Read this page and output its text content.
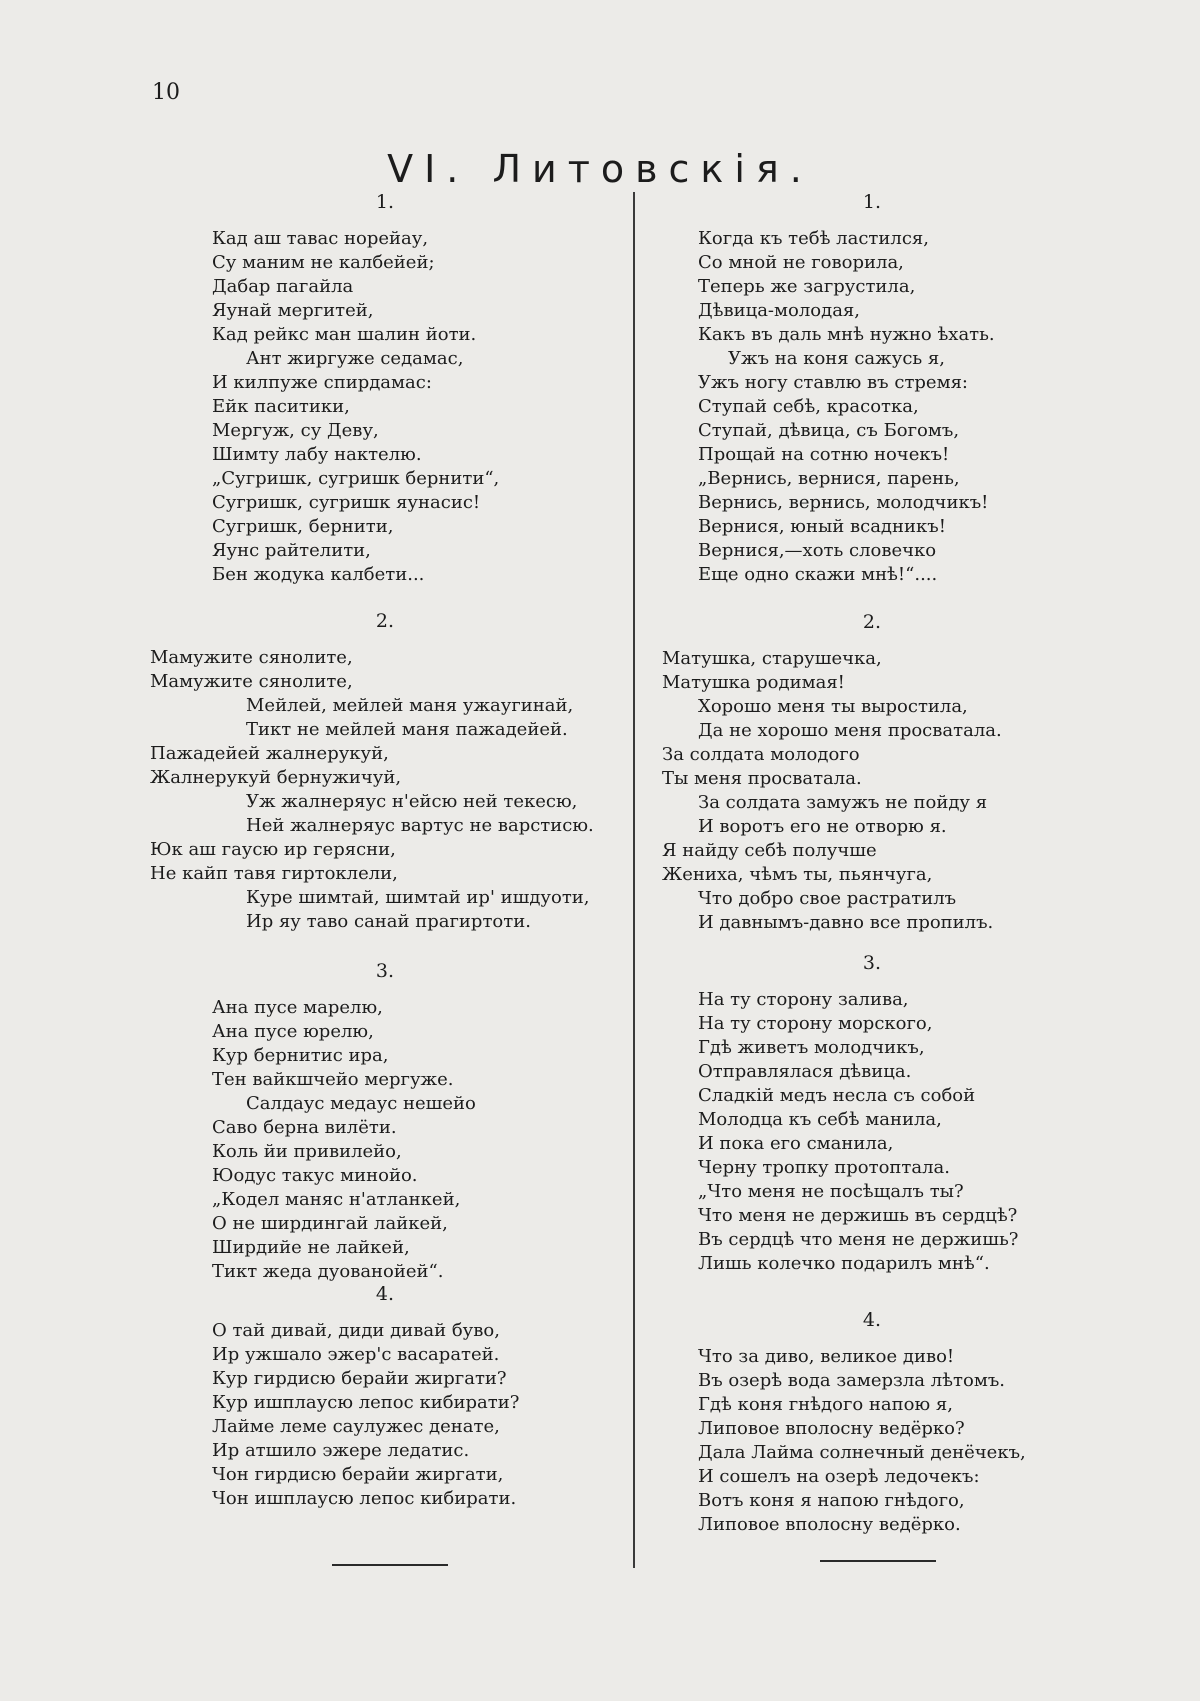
10
VI. Литовскія.
1.
Кад аш тавас норейау,
Су маним не калбейей;
Дабар пагайла
Яунай мергитей,
Кад рейкс ман шалин йоти.
Ант жиргуже седамас,
И килпуже спирдамас:
Ейк паситики,
Мергуж, су Деву,
Шимту лабу нактелю.
„Сугришк, сугришк бернити“,
Сугришк, сугришк яунасис!
Сугришк, бернити,
Яунс райтелити,
Бен жодука калбети...
2.
Мамужите сянолите,
Мамужите сянолите,
Мейлей, мейлей маня ужаугинай,
Тикт не мейлей маня пажадейей.
Пажадейей жалнерукуй,
Жалнерукуй бернужичуй,
Уж жалнеряус н'ейсю ней текесю,
Ней жалнеряус вартус не варстисю.
Юк аш гаусю ир герясни,
Не кайп тавя гиртоклели,
Куре шимтай, шимтай ир' ишдуоти,
Ир яу таво санай прагиртоти.
3.
Ана пусе марелю,
Ана пусе юрелю,
Кур бернитис ира,
Тен вайкшчейо мергуже.
Салдаус медаус нешейо
Саво берна вилёти.
Коль йи привилейо,
Юодус такус минойо.
„Кодел маняс н'атланкей,
О не ширдингай лайкей,
Ширдийе не лайкей,
Тикт жеда дуованойей“.
4.
О тай дивай, диди дивай буво,
Ир ужшало эжер'с васаратей.
Кур гирдисю берайи жиргати?
Кур ишплаусю лепос кибирати?
Лайме леме саулужес денате,
Ир атшило эжере ледатис.
Чон гирдисю берайи жиргати,
Чон ишплаусю лепос кибирати.
1.
Когда къ тебѣ ластился,
Со мной не говорила,
Теперь же загрустила,
Дѣвица-молодая,
Какъ въ даль мнѣ нужно ѣхать.
Ужъ на коня сажусь я,
Ужъ ногу ставлю въ стремя:
Ступай себѣ, красотка,
Ступай, дѣвица, съ Богомъ,
Прощай на сотню ночекъ!
„Вернись, вернися, парень,
Вернись, вернись, молодчикъ!
Вернися, юный всадникъ!
Вернися,—хоть словечко
Еще одно скажи мнѣ!“....
2.
Матушка, старушечка,
Матушка родимая!
Хорошо меня ты выростила,
Да не хорошо меня просватала.
За солдата молодого
Ты меня просватала.
За солдата замужъ не пойду я
И воротъ его не отворю я.
Я найду себѣ получше
Жениха, чѣмъ ты, пьянчуга,
Что добро свое растратилъ
И давнымъ-давно все пропилъ.
3.
На ту сторону залива,
На ту сторону морского,
Гдѣ живетъ молодчикъ,
Отправлялася дѣвица.
Сладкій медъ несла съ собой
Молодца къ себѣ манила,
И пока его сманила,
Черну тропку протоптала.
„Что меня не посѣщалъ ты?
Что меня не держишь въ сердцѣ?
Въ сердцѣ что меня не держишь?
Лишь колечко подарилъ мнѣ“.
4.
Что за диво, великое диво!
Въ озерѣ вода замерзла лѣтомъ.
Гдѣ коня гнѣдого напою я,
Липовое вполосну ведёрко?
Дала Лайма солнечный денёчекъ,
И сошелъ на озерѣ ледочекъ:
Вотъ коня я напою гнѣдого,
Липовое вполосну ведёрко.
